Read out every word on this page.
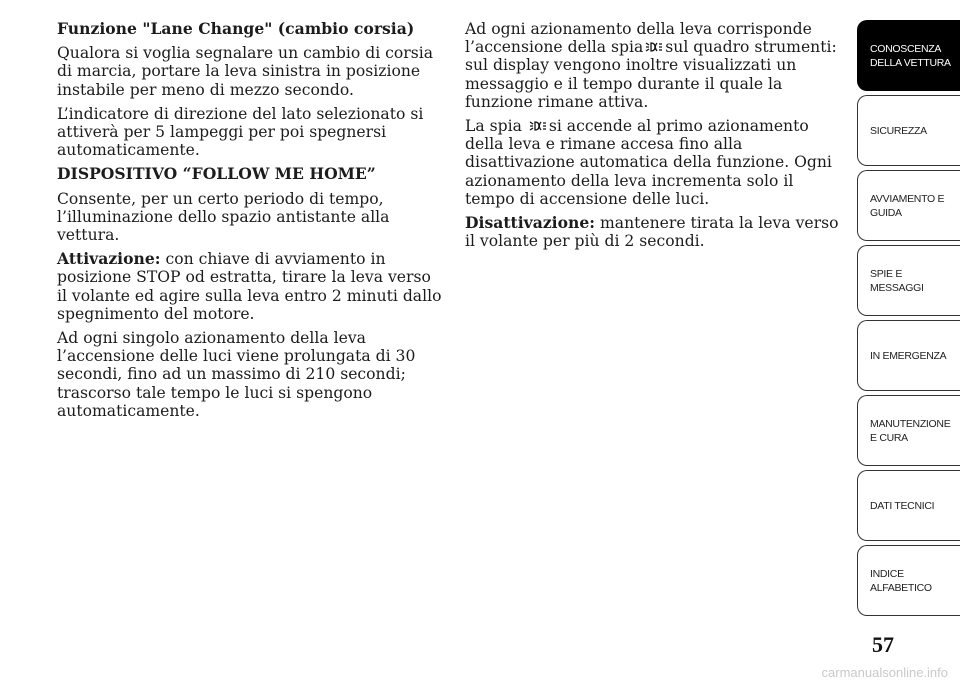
Funzione "Lane Change" (cambio corsia)

Qualora si voglia segnalare un cambio di corsia di marcia, portare la leva sinistra in posizione instabile per meno di mezzo secondo.

L’indicatore di direzione del lato selezionato si attiverà per 5 lampeggi per poi spegnersi automaticamente.

DISPOSITIVO “FOLLOW ME HOME”

Consente, per un certo periodo di tempo, l’illuminazione dello spazio antistante alla vettura.

Attivazione: con chiave di avviamento in posizione STOP od estratta, tirare la leva verso il volante ed agire sulla leva entro 2 minuti dallo spegnimento del motore.

Ad ogni singolo azionamento della leva l’accensione delle luci viene prolungata di 30 secondi, fino ad un massimo di 210 secondi; trascorso tale tempo le luci si spengono automaticamente.

Ad ogni azionamento della leva corrisponde l’accensione della spia sul quadro strumenti: sul display vengono inoltre visualizzati un messaggio e il tempo durante il quale la funzione rimane attiva.

La spia si accende al primo azionamento della leva e rimane accesa fino alla disattivazione automatica della funzione. Ogni azionamento della leva incrementa solo il tempo di accensione delle luci.

Disattivazione: mantenere tirata la leva verso il volante per più di 2 secondi.

CONOSCENZA DELLA VETTURA
SICUREZZA
AVVIAMENTO E GUIDA
SPIE E MESSAGGI
IN EMERGENZA
MANUTENZIONE E CURA
DATI TECNICI
INDICE ALFABETICO
57
carmanualsonline.info
